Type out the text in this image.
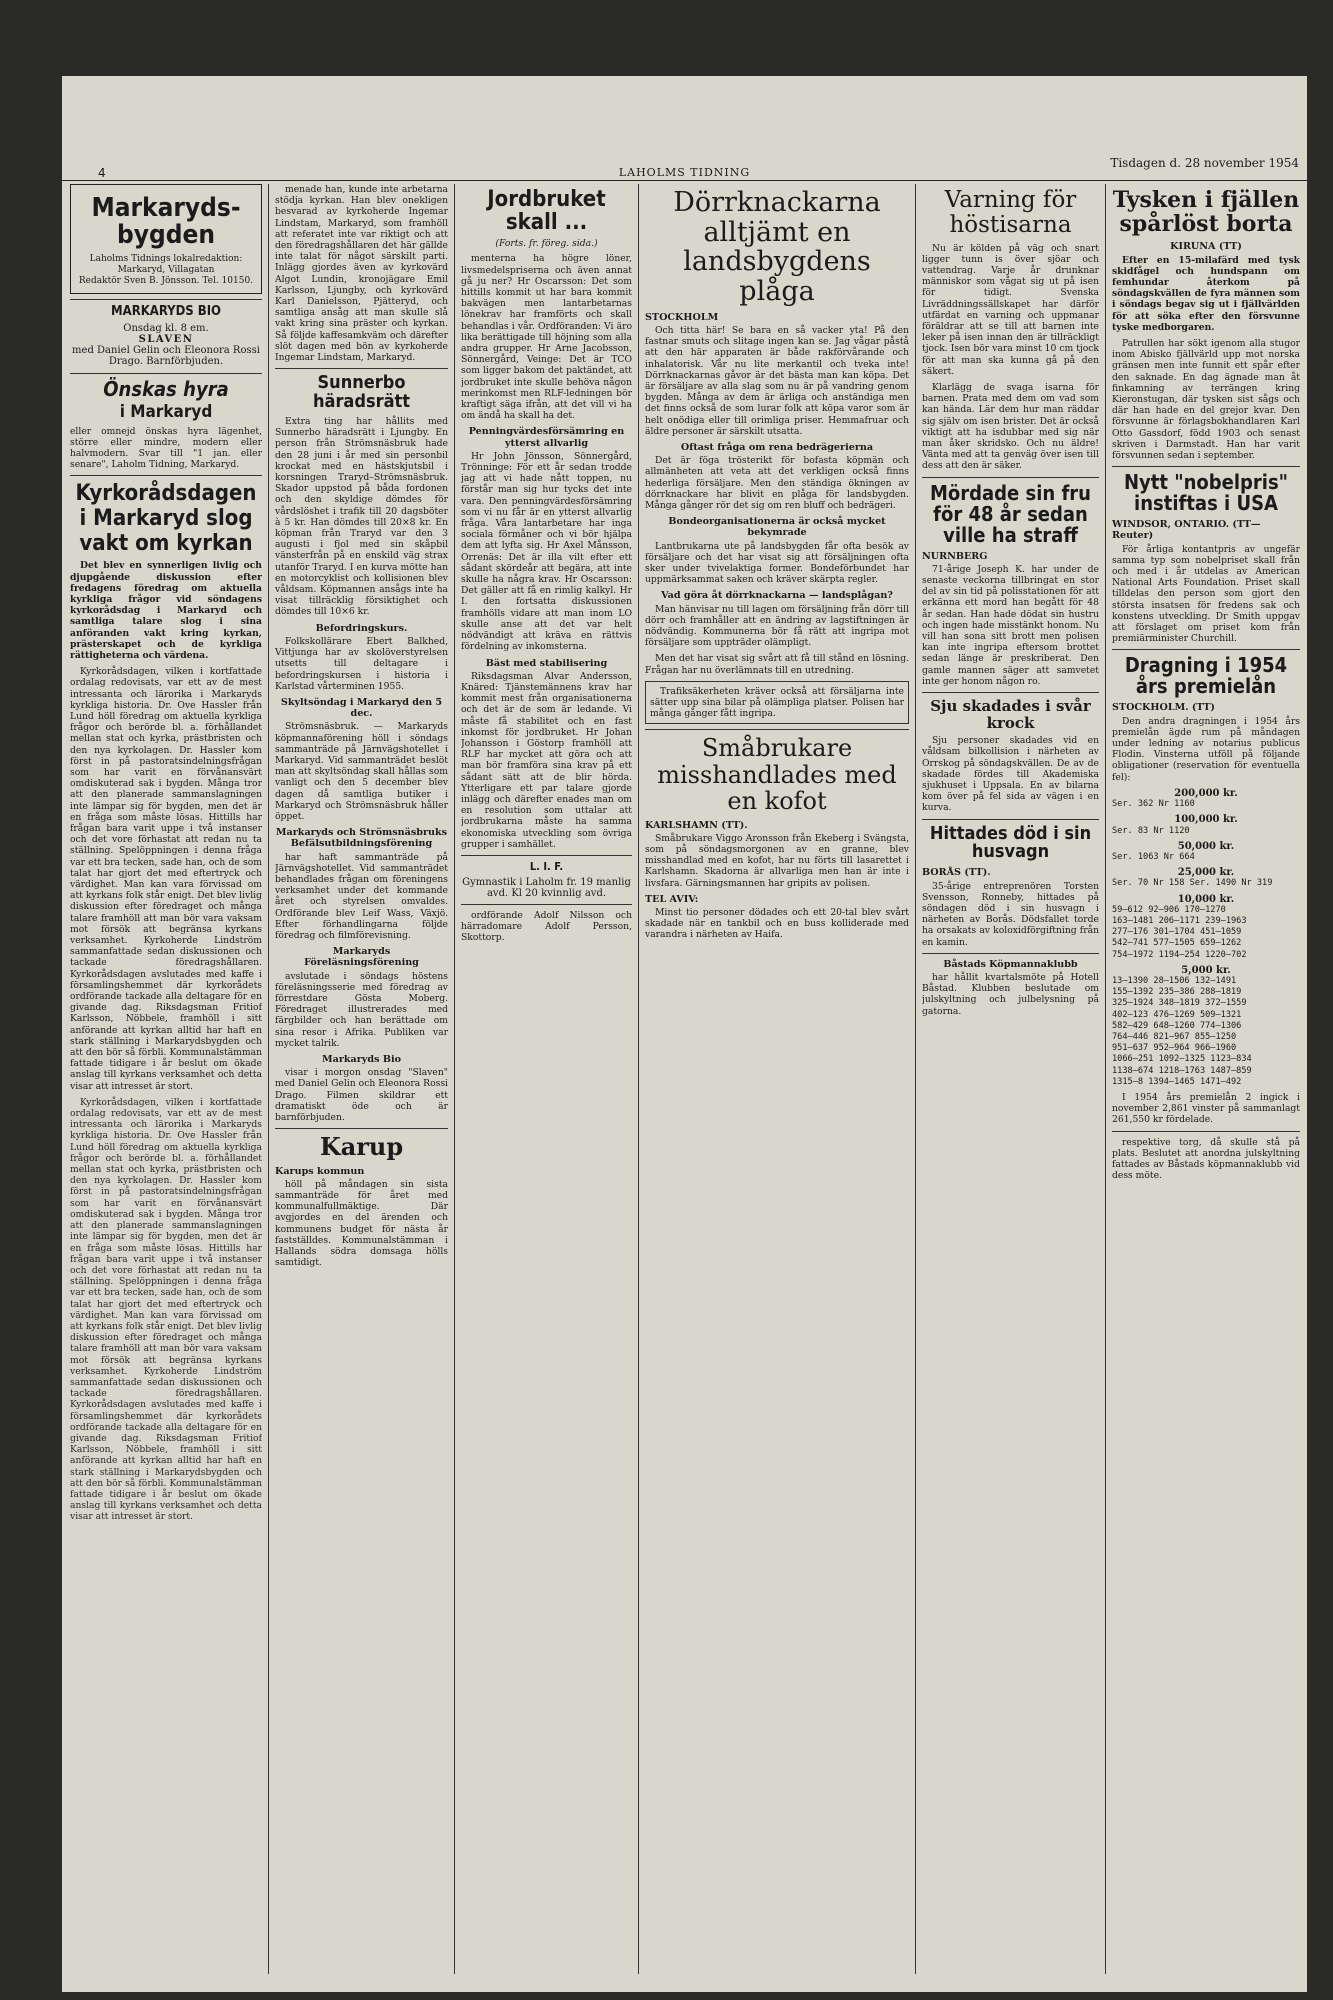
4	LAHOLMS TIDNING
Tisdagen d. 28 november 1954
Markaryds-bygden
Laholms Tidnings lokalredaktion: Markaryd, Villagatan
Redaktör Sven B. Jönsson. Tel. 10150.
MARKARYDS BIO
Onsdag kl. 8 em.
SLAVEN
med Daniel Gelin och Eleonora Rossi Drago. Barnförbjuden.
Önskas hyra
i Markaryd
eller omnejd önskas hyra lägenhet, större eller mindre, modern eller halvmodern. Svar till "1 jan. eller senare", Laholm Tidning, Markaryd.
Kyrkorådsdagen i Markaryd slog vakt om kyrkan

Det blev en synnerligen livlig och djupgående diskussion efter fredagens föredrag om aktuella kyrkliga frågor vid söndagens kyrkorådsdag i Markaryd och samtliga talare slog i sina anföranden vakt kring kyrkan, prästerskapet och de kyrkliga rättigheterna och värdena.

Kyrkorådsdagen, vilken i kortfattade ordalag redovisats, var ett av de mest intressanta och lärorika i Markaryds kyrkliga historia. Dr. Ove Hassler från Lund höll föredrag om aktuella kyrkliga frågor och berörde bl. a. förhållandet mellan stat och kyrka, prästbristen och den nya kyrkolagen. Dr. Hassler kom först in på pastoratsindelningsfrågan som har varit en förvånansvärt omdiskuterad sak i bygden. Många tror att den planerade sammanslagningen inte lämpar sig för bygden, men det är en fråga som måste lösas. Hittills har frågan bara varit uppe i två instanser och det vore förhastat att redan nu ta ställning. Spelöppningen i denna fråga var ett bra tecken, sade han, och de som talat har gjort det med eftertryck och värdighet. Man kan vara förvissad om att kyrkans folk står enigt. Det blev livlig diskussion efter föredraget och många talare framhöll att man bör vara vaksam mot försök att begränsa kyrkans verksamhet. Kyrkoherde Lindström sammanfattade sedan diskussionen och tackade föredragshållaren. Kyrkorådsdagen avslutades med kaffe i församlingshemmet där kyrkorådets ordförande tackade alla deltagare för en givande dag. Riksdagsman Fritiof Karlsson, Nöbbele, framhöll i sitt anförande att kyrkan alltid har haft en stark ställning i Markarydsbygden och att den bör så förbli. Kommunalstämman fattade tidigare i år beslut om ökade anslag till kyrkans verksamhet och detta visar att intresset är stort.

Kyrkorådsdagen, vilken i kortfattade ordalag redovisats, var ett av de mest intressanta och lärorika i Markaryds kyrkliga historia. Dr. Ove Hassler från Lund höll föredrag om aktuella kyrkliga frågor och berörde bl. a. förhållandet mellan stat och kyrka, prästbristen och den nya kyrkolagen. Dr. Hassler kom först in på pastoratsindelningsfrågan som har varit en förvånansvärt omdiskuterad sak i bygden. Många tror att den planerade sammanslagningen inte lämpar sig för bygden, men det är en fråga som måste lösas. Hittills har frågan bara varit uppe i två instanser och det vore förhastat att redan nu ta ställning. Spelöppningen i denna fråga var ett bra tecken, sade han, och de som talat har gjort det med eftertryck och värdighet. Man kan vara förvissad om att kyrkans folk står enigt. Det blev livlig diskussion efter föredraget och många talare framhöll att man bör vara vaksam mot försök att begränsa kyrkans verksamhet. Kyrkoherde Lindström sammanfattade sedan diskussionen och tackade föredragshållaren. Kyrkorådsdagen avslutades med kaffe i församlingshemmet där kyrkorådets ordförande tackade alla deltagare för en givande dag. Riksdagsman Fritiof Karlsson, Nöbbele, framhöll i sitt anförande att kyrkan alltid har haft en stark ställning i Markarydsbygden och att den bör så förbli. Kommunalstämman fattade tidigare i år beslut om ökade anslag till kyrkans verksamhet och detta visar att intresset är stort.

menade han, kunde inte arbetarna stödja kyrkan. Han blev onekligen besvarad av kyrkoherde Ingemar Lindstam, Markaryd, som framhöll att referatet inte var riktigt och att den föredragshållaren det här gällde inte talat för något särskilt parti. Inlägg gjordes även av kyrkovärd Algot Lundin, kronojägare Emil Karlsson, Ljungby, och kyrkovärd Karl Danielsson, Pjätteryd, och samtliga ansåg att man skulle slå vakt kring sina präster och kyrkan. Så följde kaffesamkväm och därefter slöt dagen med bön av kyrkoherde Ingemar Lindstam, Markaryd.

Sunnerbo häradsrätt

Extra ting har hållits med Sunnerbo häradsrätt i Ljungby. En person från Strömsnäsbruk hade den 28 juni i år med sin personbil krockat med en hästskjutsbil i korsningen Traryd–Strömsnäsbruk. Skador uppstod på båda fordonen och den skyldige dömdes för vårdslöshet i trafik till 20 dagsböter à 5 kr. Han dömdes till 20×8 kr. En köpman från Traryd var den 3 augusti i fjol med sin skåpbil vänsterfrån på en enskild väg strax utanför Traryd. I en kurva mötte han en motorcyklist och kollisionen blev våldsam. Köpmannen ansågs inte ha visat tillräcklig försiktighet och dömdes till 10×6 kr.

Befordringskurs.

Folkskollärare Ebert Balkhed, Vittjunga har av skolöverstyrelsen utsetts till deltagare i befordringskursen i historia i Karlstad vårterminen 1955.

Skyltsöndag i Markaryd den 5 dec.

Strömsnäsbruk. — Markaryds köpmannaförening höll i söndags sammanträde på Järnvägshotellet i Markaryd. Vid sammanträdet beslöt man att skyltsöndag skall hållas som vanligt och den 5 december blev dagen då samtliga butiker i Markaryd och Strömsnäsbruk håller öppet.

Markaryds och Strömsnäsbruks Befälsutbildningsförening

har haft sammanträde på Järnvägshotellet. Vid sammanträdet behandlades frågan om föreningens verksamhet under det kommande året och styrelsen omvaldes. Ordförande blev Leif Wass, Växjö. Efter förhandlingarna följde föredrag och filmförevisning.

Markaryds Föreläsningsförening

avslutade i söndags höstens föreläsningsserie med föredrag av förrestdare Gösta Moberg. Föredraget illustrerades med färgbilder och han berättade om sina resor i Afrika. Publiken var mycket talrik.

Markaryds Bio

visar i morgon onsdag "Slaven" med Daniel Gelin och Eleonora Rossi Drago. Filmen skildrar ett dramatiskt öde och är barnförbjuden.

Karup
Karups kommun

höll på måndagen sin sista sammanträde för året med kommunalfullmäktige. Där avgjordes en del ärenden och kommunens budget för nästa år fastställdes. Kommunalstämman i Hallands södra domsaga hölls samtidigt.

Jordbruket skall ...
(Forts. fr. föreg. sida.)

menterna ha högre löner, livsmedelspriserna och även annat gå ju ner? Hr Oscarsson: Det som hittills kommit ut har bara kommit bakvägen men lantarbetarnas lönekrav har framförts och skall behandlas i vår. Ordföranden: Vi äro lika berättigade till höjning som alla andra grupper. Hr Arne Jacobsson, Sönnergård, Veinge: Det är TCO som ligger bakom det paktändet, att jordbruket inte skulle behöva någon merinkomst men RLF-ledningen bör kraftigt säga ifrån, att det vill vi ha om ändå ha skall ha det.

Penningvärdesförsämring en ytterst allvarlig

Hr John Jönsson, Sönnergård, Trönninge: För ett år sedan trodde jag att vi hade nått toppen, nu förstår man sig hur tycks det inte vara. Den penningvärdesförsämring som vi nu får är en ytterst allvarlig fråga. Våra lantarbetare har inga sociala förmåner och vi bör hjälpa dem att lyfta sig. Hr Axel Månsson, Orrenäs: Det är illa vilt efter ett sådant skördeår att begära, att inte skulle ha några krav. Hr Oscarsson: Det gäller att få en rimlig kalkyl. Hr I. den fortsatta diskussionen framhölls vidare att man inom LO skulle anse att det var helt nödvändigt att kräva en rättvis fördelning av inkomsterna.

Bäst med stabilisering

Riksdagsman Alvar Andersson, Knäred: Tjänstemännens krav har kommit mest från organisationerna och det är de som är ledande. Vi måste få stabilitet och en fast inkomst för jordbruket. Hr Johan Johansson i Göstorp framhöll att RLF har mycket att göra och att man bör framföra sina krav på ett sådant sätt att de blir hörda. Ytterligare ett par talare gjorde inlägg och därefter enades man om en resolution som uttalar att jordbrukarna måste ha samma ekonomiska utveckling som övriga grupper i samhället.

L. I. F.
Gymnastik i Laholm fr. 19 manlig avd. Kl 20 kvinnlig avd.

ordförande Adolf Nilsson och härradomare Adolf Persson, Skottorp.

Dörrknackarna alltjämt en landsbygdens plåga
STOCKHOLM

Och titta här! Se bara en så vacker yta! På den fastnar smuts och slitage ingen kan se. Jag vågar påstå att den här apparaten är både rakförvårande och inhalatorisk. Vår nu lite merkantil och tveka inte! Dörrknackarnas gåvor är det bästa man kan köpa. Det är försäljare av alla slag som nu är på vandring genom bygden. Många av dem är ärliga och anständiga men det finns också de som lurar folk att köpa varor som är helt onödiga eller till orimliga priser. Hemmafruar och äldre personer är särskilt utsatta.

Oftast fråga om rena bedrägerierna

Det är föga trösterikt för bofasta köpmän och allmänheten att veta att det verkligen också finns hederliga försäljare. Men den ständiga ökningen av dörrknackare har blivit en plåga för landsbygden. Många gånger rör det sig om ren bluff och bedrägeri.

Bondeorganisationerna är också mycket bekymrade

Lantbrukarna ute på landsbygden får ofta besök av försäljare och det har visat sig att försäljningen ofta sker under tvivelaktiga former. Bondeförbundet har uppmärksammat saken och kräver skärpta regler.

Vad göra åt dörrknackarna — landsplågan?

Man hänvisar nu till lagen om försäljning från dörr till dörr och framhåller att en ändring av lagstiftningen är nödvändig. Kommunerna bör få rätt att ingripa mot försäljare som uppträder olämpligt.

Men det har visat sig svårt att få till stånd en lösning. Frågan har nu överlämnats till en utredning.

Trafiksäkerheten kräver också att försäljarna inte sätter upp sina bilar på olämpliga platser. Polisen har många gånger fått ingripa.

Småbrukare misshandlades med en kofot
KARLSHAMN (TT).

Småbrukare Viggo Aronsson från Ekeberg i Svängsta, som på söndagsmorgonen av en granne, blev misshandlad med en kofot, har nu förts till lasarettet i Karlshamn. Skadorna är allvarliga men han är inte i livsfara. Gärningsmannen har gripits av polisen.

TEL AVIV:

Minst tio personer dödades och ett 20-tal blev svårt skadade när en tankbil och en buss kolliderade med varandra i närheten av Haifa.

Varning för höstisarna

Nu är kölden på väg och snart ligger tunn is över sjöar och vattendrag. Varje år drunknar människor som vågat sig ut på isen för tidigt. Svenska Livräddningssällskapet har därför utfärdat en varning och uppmanar föräldrar att se till att barnen inte leker på isen innan den är tillräckligt tjock. Isen bör vara minst 10 cm tjock för att man ska kunna gå på den säkert.

Klarlägg de svaga isarna för barnen. Prata med dem om vad som kan hända. Lär dem hur man räddar sig själv om isen brister. Det är också viktigt att ha isdubbar med sig när man åker skridsko. Och nu äldre! Vänta med att ta genväg över isen till dess att den är säker.

Mördade sin fru för 48 år sedan ville ha straff
NURNBERG

71-årige Joseph K. har under de senaste veckorna tillbringat en stor del av sin tid på polisstationen för att erkänna ett mord han begått för 48 år sedan. Han hade dödat sin hustru och ingen hade misstänkt honom. Nu vill han sona sitt brott men polisen kan inte ingripa eftersom brottet sedan länge är preskriberat. Den gamle mannen säger att samvetet inte ger honom någon ro.

Sju skadades i svår krock

Sju personer skadades vid en våldsam bilkollision i närheten av Orrskog på söndagskvällen. De av de skadade fördes till Akademiska sjukhuset i Uppsala. En av bilarna kom över på fel sida av vägen i en kurva.

Hittades död i sin husvagn
BORÅS (TT).

35-årige entreprenören Torsten Svensson, Ronneby, hittades på söndagen död i sin husvagn i närheten av Borås. Dödsfallet torde ha orsakats av koloxidförgiftning från en kamin.

Båstads Köpmannaklubb

har hållit kvartalsmöte på Hotell Båstad. Klubben beslutade om julskyltning och julbelysning på gatorna.

Tysken i fjällen spårlöst borta
KIRUNA (TT)

Efter en 15-milafärd med tysk skidfågel och hundspann om femhundar återkom på söndagskvällen de fyra männen som i söndags begav sig ut i fjällvärlden för att söka efter den försvunne tyske medborgaren.

Patrullen har sökt igenom alla stugor inom Abisko fjällvärld upp mot norska gränsen men inte funnit ett spår efter den saknade. En dag ägnade man åt finkamning av terrängen kring Kieronstugan, där tysken sist sågs och där han hade en del grejor kvar. Den försvunne är förlagsbokhandlaren Karl Otto Gassdorf, född 1903 och senast skriven i Darmstadt. Han har varit försvunnen sedan i september.

Nytt "nobelpris" instiftas i USA
WINDSOR, ONTARIO. (TT—Reuter)

För årliga kontantpris av ungefär samma typ som nobelpriset skall från och med i år utdelas av American National Arts Foundation. Priset skall tilldelas den person som gjort den största insatsen för fredens sak och konstens utveckling. Dr Smith uppgav att förslaget om priset kom från premiärminister Churchill.

Dragning i 1954 års premielån
STOCKHOLM. (TT)

Den andra dragningen i 1954 års premielån ägde rum på måndagen under ledning av notarius publicus Flodin. Vinsterna utföll på följande obligationer (reservation för eventuella fel):

200,000 kr.
Ser. 362 Nr 1160
100,000 kr.
Ser. 83 Nr 1120
50,000 kr.
Ser. 1063 Nr 664
25,000 kr.
Ser. 70 Nr 158 Ser. 1490 Nr 319
10,000 kr.
59—612 92—906 170—1270
163—1481 206—1171 239—1963
277—176 301—1704 451—1059
542—741 577—1505 659—1262
754—1972 1194—254 1220—702
5,000 kr.
13—1390 28—1506 132—1491
155—1392 235—386 288—1819
325—1924 348—1819 372—1559
402—123 476—1269 509—1321
582—429 648—1260 774—1306
764—446 821—967 855—1250
951—637 952—964 966—1960
1066—251 1092—1325 1123—834
1138—674 1218—1763 1487—859
1315—8 1394—1465 1471—492

I 1954 års premielån 2 ingick i november 2,861 vinster på sammanlagt 261,550 kr fördelade.

respektive torg, då skulle stå på plats. Beslutet att anordna julskyltning fattades av Båstads köpmannaklubb vid dess möte.
